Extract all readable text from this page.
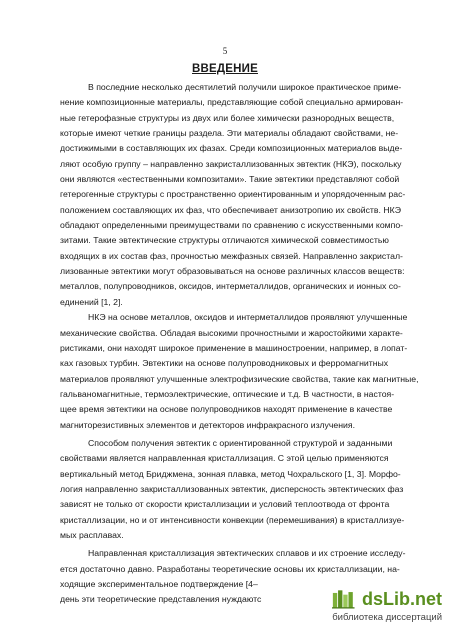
5
ВВЕДЕНИЕ
В последние несколько десятилетий получили широкое практическое приме-
нение композиционные материалы, представляющие собой специально армирован-
ные гетерофазные структуры из двух или более химически разнородных веществ,
которые имеют четкие границы раздела. Эти материалы обладают свойствами, не-
достижимыми в составляющих их фазах. Среди композиционных материалов выде-
ляют особую группу – направленно закристаллизованных эвтектик (НКЭ), поскольку
они являются «естественными композитами». Такие эвтектики представляют собой
гетерогенные структуры с пространственно ориентированным и упорядоченным рас-
положением составляющих их фаз, что обеспечивает анизотропию их свойств. НКЭ
обладают определенными преимуществами по сравнению с искусственными компо-
зитами. Такие эвтектические структуры отличаются химической совместимостью
входящих в их состав фаз, прочностью межфазных связей. Направленно закристал-
лизованные эвтектики могут образовываться на основе различных классов веществ:
металлов, полупроводников, оксидов, интерметаллидов, органических и ионных со-
единений [1, 2].
НКЭ на основе металлов, оксидов и интерметаллидов проявляют улучшенные
механические свойства. Обладая высокими прочностными и жаростойкими характе-
ристиками, они находят широкое применение в машиностроении, например, в лопат-
ках газовых турбин. Эвтектики на основе полупроводниковых и ферромагнитных
материалов проявляют улучшенные электрофизические свойства, такие как магнитные,
гальваномагнитные, термоэлектрические, оптические и т.д. В частности, в настоя-
щее время эвтектики на основе полупроводников находят применение в качестве
магниторезистивных элементов и детекторов инфракрасного излучения.
Способом получения эвтектик с ориентированной структурой и заданными
свойствами является направленная кристаллизация. С этой целью применяются
вертикальный метод Бриджмена, зонная плавка, метод Чохральского [1, 3]. Морфо-
логия направленно закристаллизованных эвтектик, дисперсность эвтектических фаз
зависят не только от скорости кристаллизации и условий теплоотвода от фронта
кристаллизации, но и от интенсивности конвекции (перемешивания) в кристаллизуе-
мых расплавах.
Направленная кристаллизация эвтектических сплавов и их строение исследу-
ется достаточно давно. Разработаны теоретические основы их кристаллизации, на-
ходящие экспериментальное подтверждение [4–
день эти теоретические представления нуждаютс	dsLib.net
библиотека диссертаций
